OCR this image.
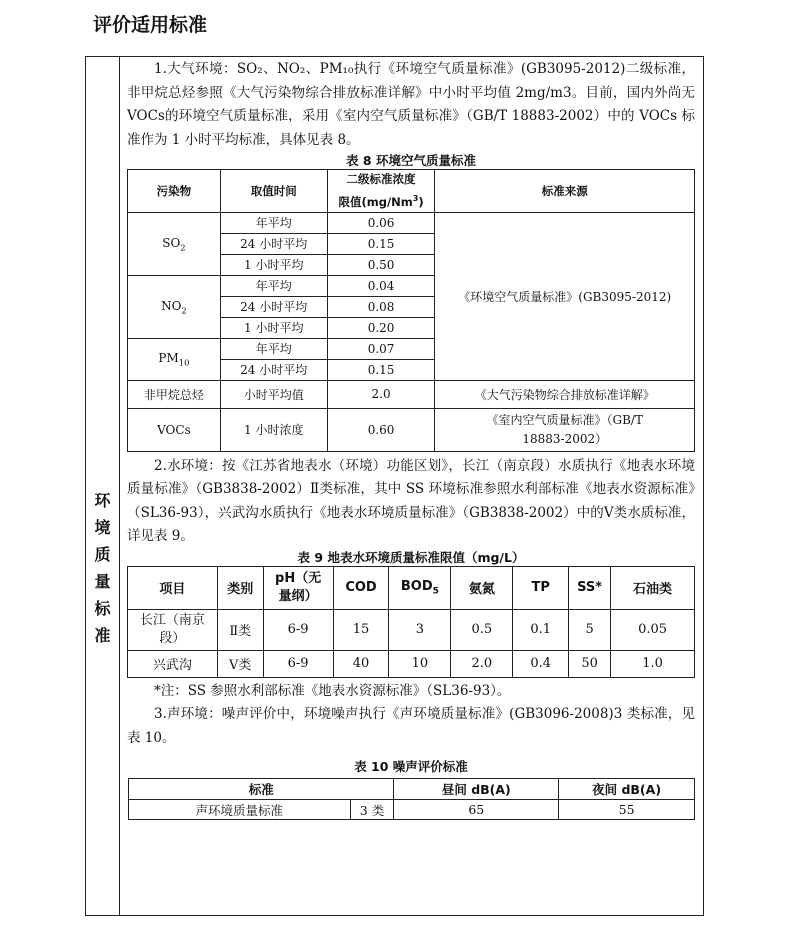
评价适用标准
环
境
质
量
标
准

1.大气环境：SO₂、NO₂、PM₁₀执行《环境空气质量标准》(GB3095-2012)二级标准，非甲烷总烃参照《大气污染物综合排放标准详解》中小时平均值 2mg/m3。目前，国内外尚无 VOCs的环境空气质量标准，采用《室内空气质量标准》（GB/T 18883-2002）中的 VOCs 标准作为 1 小时平均标准，具体见表 8。

表 8 环境空气质量标准

污染物	取值时间	二级标准浓度
限值(mg/Nm$^3$)	标准来源
$SO_2$	年平均	0.06	《环境空气质量标准》(GB3095-2012)
	24 小时平均	0.15	
	1 小时平均	0.50	
$NO_2$	年平均	0.04	
	24 小时平均	0.08	
	1 小时平均	0.20	
$PM_{10}$	年平均	0.07	
	24 小时平均	0.15	
非甲烷总烃	小时平均值	2.0	《大气污染物综合排放标准详解》
VOCs	1 小时浓度	0.60	《室内空气质量标准》（GB/T
18883-2002）

2.水环境：按《江苏省地表水（环境）功能区划》，长江（南京段）水质执行《地表水环境质量标准》（GB3838-2002）Ⅱ类标准，其中 SS 环境标准参照水利部标准《地表水资源标准》（SL36-93），兴武沟水质执行《地表水环境质量标准》（GB3838-2002）中的Ⅴ类水质标准，详见表 9。

表 9 地表水环境质量标准限值（mg/L）

项目	类别	pH（无
量纲）	COD	$BOD_5$	氨氮	TP	SS*	石油类
长江（南京
段）	Ⅱ类	6-9	15	3	0.5	0.1	5	0.05
兴武沟	Ⅴ类	6-9	40	10	2.0	0.4	50	1.0

*注：SS 参照水利部标准《地表水资源标准》（SL36-93）。

3.声环境：噪声评价中，环境噪声执行《声环境质量标准》(GB3096-2008)3 类标准，见表 10。

表 10 噪声评价标准

标准		昼间 dB(A)	夜间 dB(A)
声环境质量标准	3 类	65	55
